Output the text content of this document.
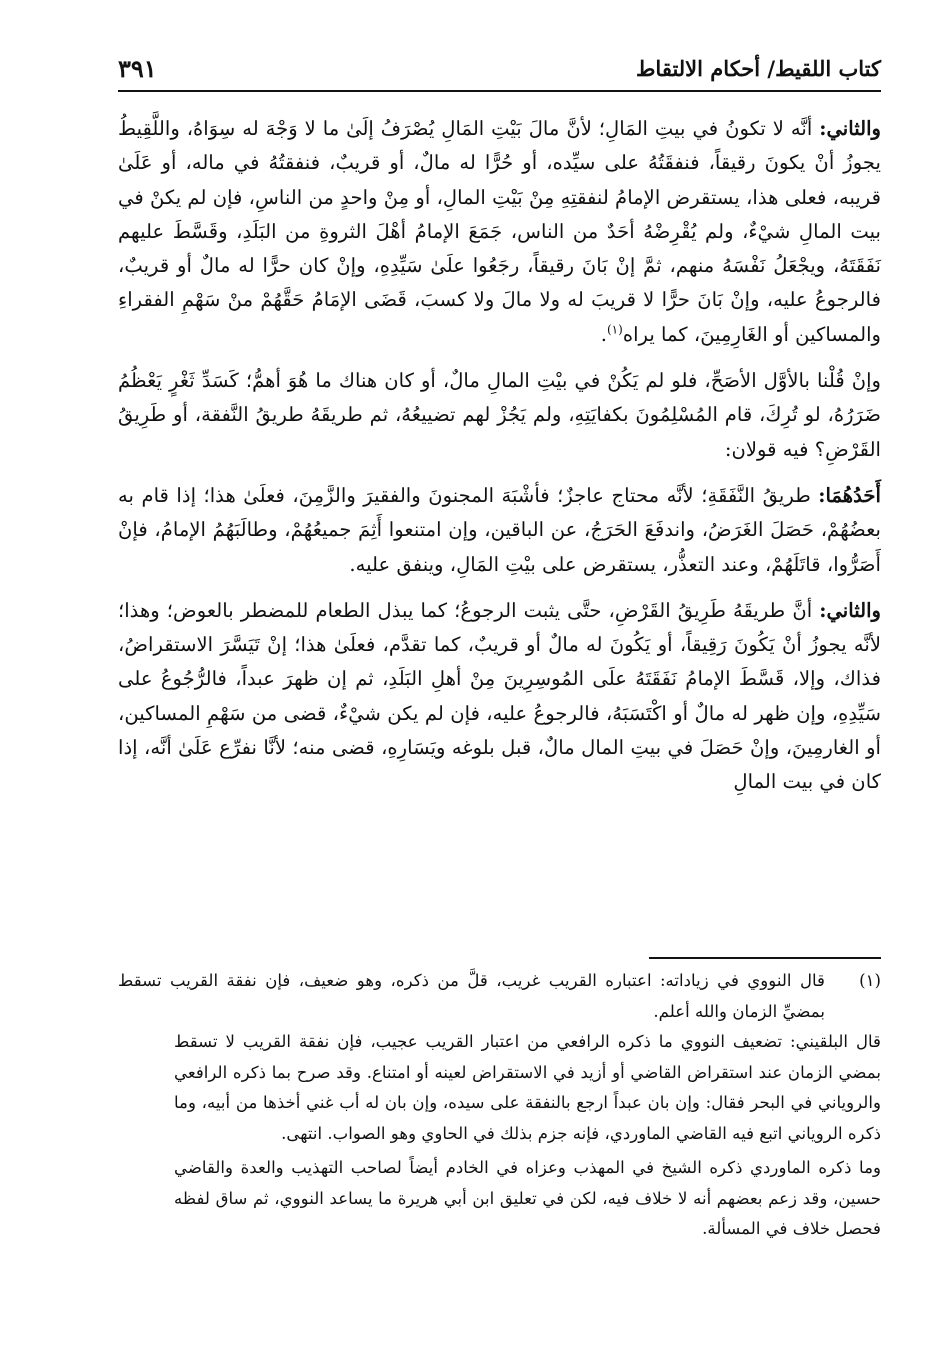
كتاب اللقيط/ أحكام الالتقاط
٣٩١

والثاني: أنَّه لا تكونُ في بيتِ المَالِ؛ لأنَّ مالَ بَيْتِ المَالِ يُصْرَفُ إلَىٰ ما لا وَجْهَ له سِوَاهُ، واللَّقِيطُ يجوزُ أنْ يكونَ رقيقاً، فنفقَتُهُ على سيِّده، أو حُرًّا له مالٌ، أو قريبٌ، فنفقتُهُ في ماله، أو عَلَىٰ قريبه، فعلى هذا، يستقرض الإمامُ لنفقتِهِ مِنْ بَيْتِ المالِ، أو مِنْ واحدٍ من الناسِ، فإن لم يكنْ في بيت المالِ شيْءٌ، ولم يُقْرِضْهُ أحَدٌ من الناس، جَمَعَ الإمامُ أهْلَ الثروةِ من البَلَدِ، وقَسَّطَ عليهم نَفَقَتَهُ، ويجْعَلُ نَفْسَهُ منهم، ثمَّ إنْ بَانَ رقيقاً، رجَعُوا علَىٰ سَيِّدِهِ، وإنْ كان حرًّا له مالٌ أو قريبٌ، فالرجوعُ عليه، وإنْ بَانَ حرًّا لا قريبَ له ولا مالَ ولا كسبَ، قَضَى الإمَامُ حَقَّهُمْ منْ سَهْمِ الفقراءِ والمساكين أو الغَارِمِينَ، كما يراه$^{(١)}$.

وإنْ قُلْنا بالأوَّل الأصَحِّ، فلو لم يَكُنْ في بيْتِ المالِ مالٌ، أو كان هناك ما هُوَ أهمُّ؛ كَسَدِّ ثَغْرٍ يَعْظُمُ ضَرَرُهُ، لو تُرِكَ، قام المُسْلِمُونَ بكفايَتِهِ، ولم يَجُزْ لهم تضييعُهُ، ثم طريقَهُ طريقُ النَّفقة، أو طَرِيقُ القَرْضِ؟ فيه قولان:

أَحَدُهُمَا: طريقُ النَّفَقَةِ؛ لأنَّه محتاج عاجزٌ؛ فأشْبَهَ المجنونَ والفقيرَ والزَّمِنَ، فعلَىٰ هذا؛ إذا قام به بعضُهُمْ، حَصَلَ الغَرَضُ، واندفَعَ الحَرَجُ، عن الباقين، وإن امتنعوا أَثِمَ جميعُهُمْ، وطالَبَهُمُ الإمامُ، فإنْ أَصَرُّوا، قاتَلَهُمْ، وعند التعذُّر، يستقرض على بيْتِ المَالِ، وينفق عليه.

والثاني: أنَّ طريقَهُ طَرِيقُ القَرْضِ، حتَّى يثبت الرجوعُ؛ كما يبذل الطعام للمضطر بالعوض؛ وهذا؛ لأنَّه يجوزُ أنْ يَكُونَ رَقِيقاً، أو يَكُونَ له مالٌ أو قريبٌ، كما تقدَّم، فعلَىٰ هذا؛ إنْ تَيَسَّرَ الاستقراضُ، فذاك، وإلا، قَسَّطَ الإمامُ نَفَقَتَهُ علَى المُوسِرِينَ مِنْ أهلِ البَلَدِ، ثم إن ظهرَ عبداً، فالرُّجُوعُ على سَيِّدِهِ، وإن ظهر له مالٌ أو اكْتَسَبَهُ، فالرجوعُ عليه، فإن لم يكن شيْءٌ، قضى من سَهْمِ المساكين، أو الغارمِينَ، وإنْ حَصَلَ في بيتِ المال مالٌ، قبل بلوغه ويَسَارِهِ، قضى منه؛ لأنَّا نفرِّع عَلَىٰ أنَّه، إذا كان في بيت المالِ

(١)
قال النووي في زياداته: اعتباره القريب غريب، قلَّ من ذكره، وهو ضعيف، فإن نفقة القريب تسقط بمضيِّ الزمان والله أعلم.

قال البلقيني: تضعيف النووي ما ذكره الرافعي من اعتبار القريب عجيب، فإن نفقة القريب لا تسقط بمضي الزمان عند استقراض القاضي أو أزيد في الاستقراض لعينه أو امتناع. وقد صرح بما ذكره الرافعي والروياني في البحر فقال: وإن بان عبداً ارجع بالنفقة على سيده، وإن بان له أب غني أخذها من أبيه، وما ذكره الروياني اتبع فيه القاضي الماوردي، فإنه جزم بذلك في الحاوي وهو الصواب. انتهى.

وما ذكره الماوردي ذكره الشيخ في المهذب وعزاه في الخادم أيضاً لصاحب التهذيب والعدة والقاضي حسين، وقد زعم بعضهم أنه لا خلاف فيه، لكن في تعليق ابن أبي هريرة ما يساعد النووي، ثم ساق لفظه فحصل خلاف في المسألة.
